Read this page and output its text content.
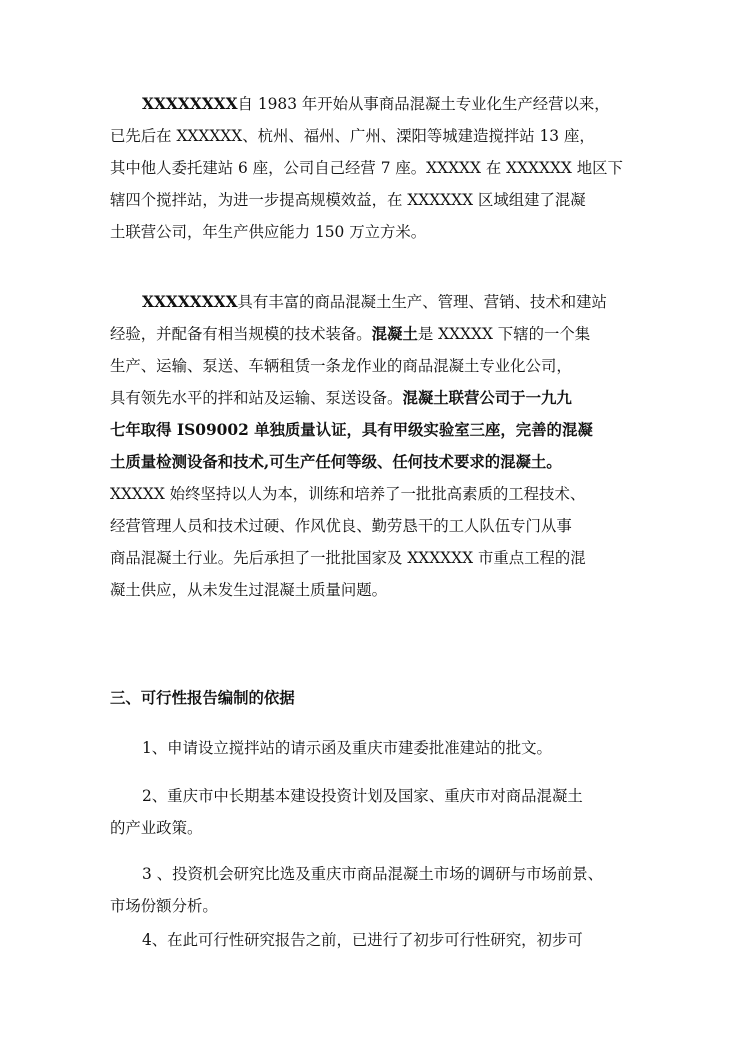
XXXXXXXX自 1983 年开始从事商品混凝土专业化生产经营以来，
已先后在 XXXXXX、杭州、福州、广州、溧阳等城建造搅拌站 13 座，
其中他人委托建站 6 座，公司自己经营 7 座。XXXXX 在 XXXXXX 地区下
辖四个搅拌站，为进一步提高规模效益，在 XXXXXX 区域组建了混凝
土联营公司，年生产供应能力 150 万立方米。
XXXXXXXX具有丰富的商品混凝土生产、管理、营销、技术和建站
经验，并配备有相当规模的技术装备。混凝土是 XXXXX 下辖的一个集
生产、运输、泵送、车辆租赁一条龙作业的商品混凝土专业化公司，
具有领先水平的拌和站及运输、泵送设备。混凝土联营公司于一九九
七年取得 IS09002 单独质量认证，具有甲级实验室三座，完善的混凝
土质量检测设备和技术,可生产任何等级、任何技术要求的混凝土。
XXXXX 始终坚持以人为本，训练和培养了一批批高素质的工程技术、
经营管理人员和技术过硬、作风优良、勤劳恳干的工人队伍专门从事
商品混凝土行业。先后承担了一批批国家及 XXXXXX 市重点工程的混
凝土供应，从未发生过混凝土质量问题。
三、可行性报告编制的依据
1、申请设立搅拌站的请示函及重庆市建委批准建站的批文。
2、重庆市中长期基本建设投资计划及国家、重庆市对商品混凝土
的产业政策。
3 、投资机会研究比选及重庆市商品混凝土市场的调研与市场前景、
市场份额分析。
4、在此可行性研究报告之前，已进行了初步可行性研究，初步可
